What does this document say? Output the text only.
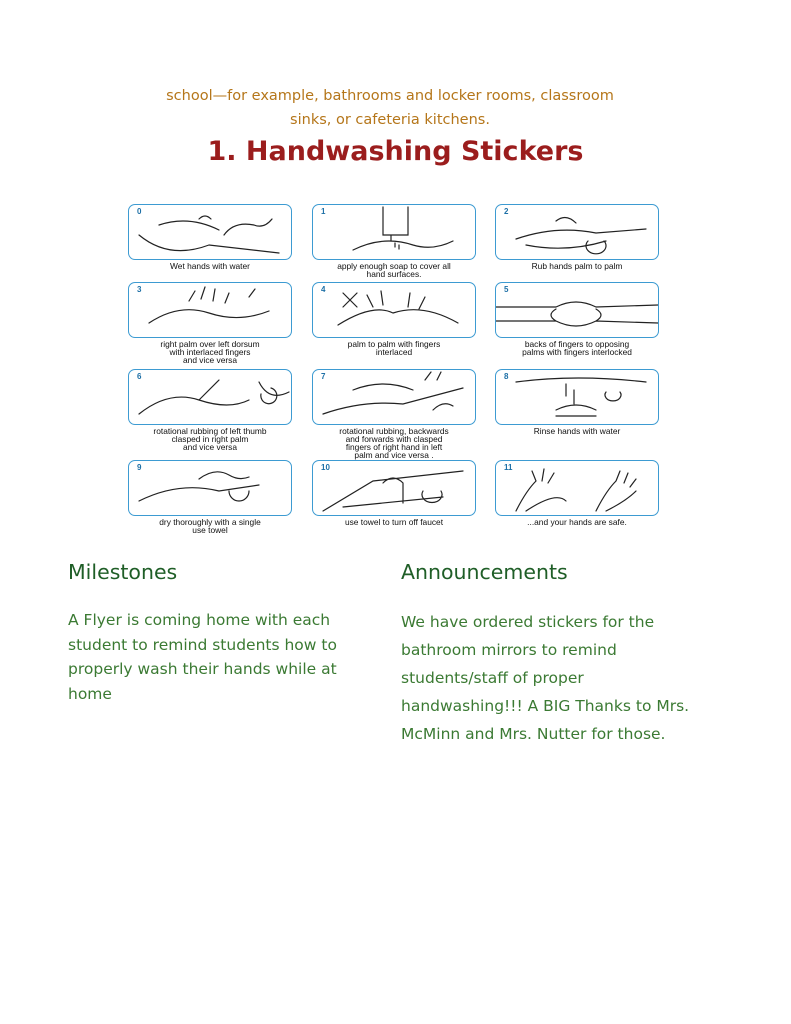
school—for example, bathrooms and locker rooms, classroom
sinks, or cafeteria kitchens.
1. Handwashing Stickers
0
Wet hands with water
1
apply enough soap to cover all
hand surfaces.
2
Rub hands palm to palm
3
right palm over left dorsum
with interlaced fingers
and vice versa
4
palm to palm with fingers
interlaced
5
backs of fingers to opposing
palms with fingers interlocked
6
rotational rubbing of left thumb
clasped in right palm
and vice versa
7
rotational rubbing, backwards
and forwards with clasped
fingers of right hand in left
palm and vice versa .
8
Rinse hands with water
9
dry thoroughly with a single
use towel
10
use towel to turn off faucet
11
...and your hands are safe.
Milestones

A Flyer is coming home with each student to remind students how to properly wash their hands while at home

Announcements

We have ordered stickers for the bathroom mirrors to remind students/staff of proper handwashing!!! A BIG Thanks to Mrs. McMinn and Mrs. Nutter for those.
